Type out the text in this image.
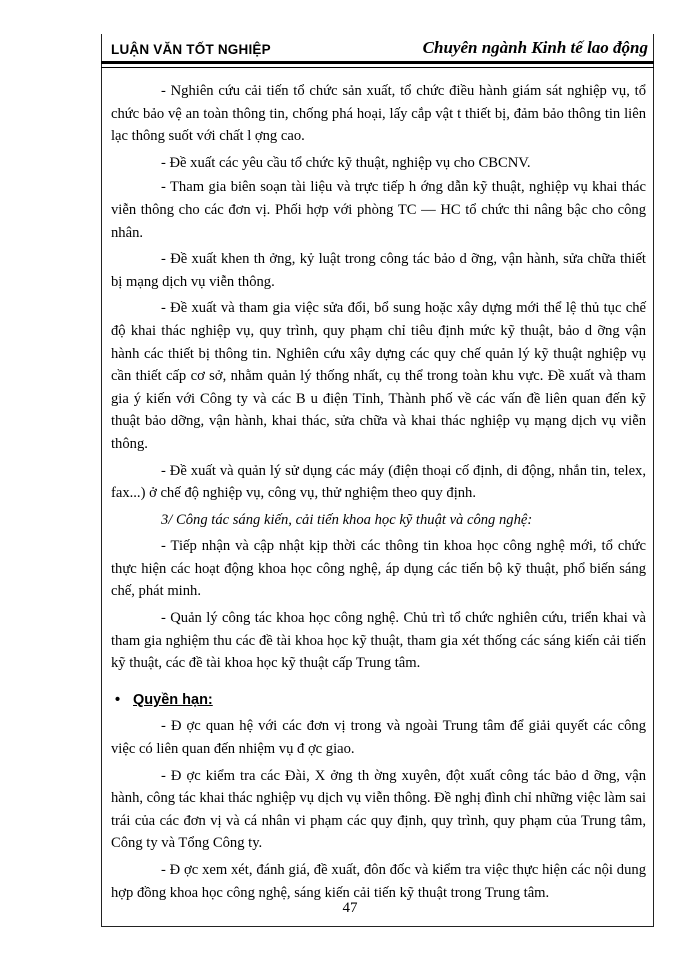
LUẬN VĂN TỐT NGHIỆP	Chuyên ngành Kinh tế lao động

- Nghiên cứu cải tiến tổ chức sản xuất, tổ chức điều hành giám sát nghiệp vụ, tổ chức bảo vệ an toàn thông tin, chống phá hoại, lấy cắp vật t thiết bị, đảm bảo thông tin liên lạc thông suốt với chất l ợng cao.

- Đề xuất các yêu cầu tổ chức kỹ thuật, nghiệp vụ cho CBCNV.

- Tham gia biên soạn tài liệu và trực tiếp h ớng dẫn kỹ thuật, nghiệp vụ khai thác viễn thông cho các đơn vị. Phối hợp với phòng TC — HC tổ chức thi nâng bậc cho công nhân.

- Đề xuất khen th ởng, kỷ luật trong công tác bảo d ỡng, vận hành, sửa chữa thiết bị mạng dịch vụ viễn thông.

- Đề xuất và tham gia việc sửa đổi, bổ sung hoặc xây dựng mới thể lệ thủ tục chế độ khai thác nghiệp vụ, quy trình, quy phạm chỉ tiêu định mức kỹ thuật, bảo d ỡng vận hành các thiết bị thông tin. Nghiên cứu xây dựng các quy chế quản lý kỹ thuật nghiệp vụ cần thiết cấp cơ sở, nhằm quản lý thống nhất, cụ thể trong toàn khu vực. Đề xuất và tham gia ý kiến với Công ty và các B u điện Tỉnh, Thành phố về các vấn đề liên quan đến kỹ thuật bảo dỡng, vận hành, khai thác, sửa chữa và khai thác nghiệp vụ mạng dịch vụ viễn thông.

- Đề xuất và quản lý sử dụng các máy (điện thoại cố định, di động, nhắn tin, telex, fax...) ở chế độ nghiệp vụ, công vụ, thử nghiệm theo quy định.

3/ Công tác sáng kiến, cải tiến khoa học kỹ thuật và công nghệ:

- Tiếp nhận và cập nhật kịp thời các thông tin khoa học công nghệ mới, tổ chức thực hiện các hoạt động khoa học công nghệ, áp dụng các tiến bộ kỹ thuật, phổ biến sáng chế, phát minh.

- Quản lý công tác khoa học công nghệ. Chủ trì tổ chức nghiên cứu, triển khai và tham gia nghiệm thu các đề tài khoa học kỹ thuật, tham gia xét thống các sáng kiến cải tiến kỹ thuật, các đề tài khoa học kỹ thuật cấp Trung tâm.

• Quyền hạn:

- Đ ợc quan hệ với các đơn vị trong và ngoài Trung tâm để giải quyết các công việc có liên quan đến nhiệm vụ đ ợc giao.

- Đ ợc kiểm tra các Đài, X ởng th ờng xuyên, đột xuất công tác bảo d ỡng, vận hành, công tác khai thác nghiệp vụ dịch vụ viễn thông. Đề nghị đình chỉ những việc làm sai trái của các đơn vị và cá nhân vi phạm các quy định, quy trình, quy phạm của Trung tâm, Công ty và Tổng Công ty.

- Đ ợc xem xét, đánh giá, đề xuất, đôn đốc và kiểm tra việc thực hiện các nội dung hợp đồng khoa học công nghệ, sáng kiến cải tiến kỹ thuật trong Trung tâm.

47
